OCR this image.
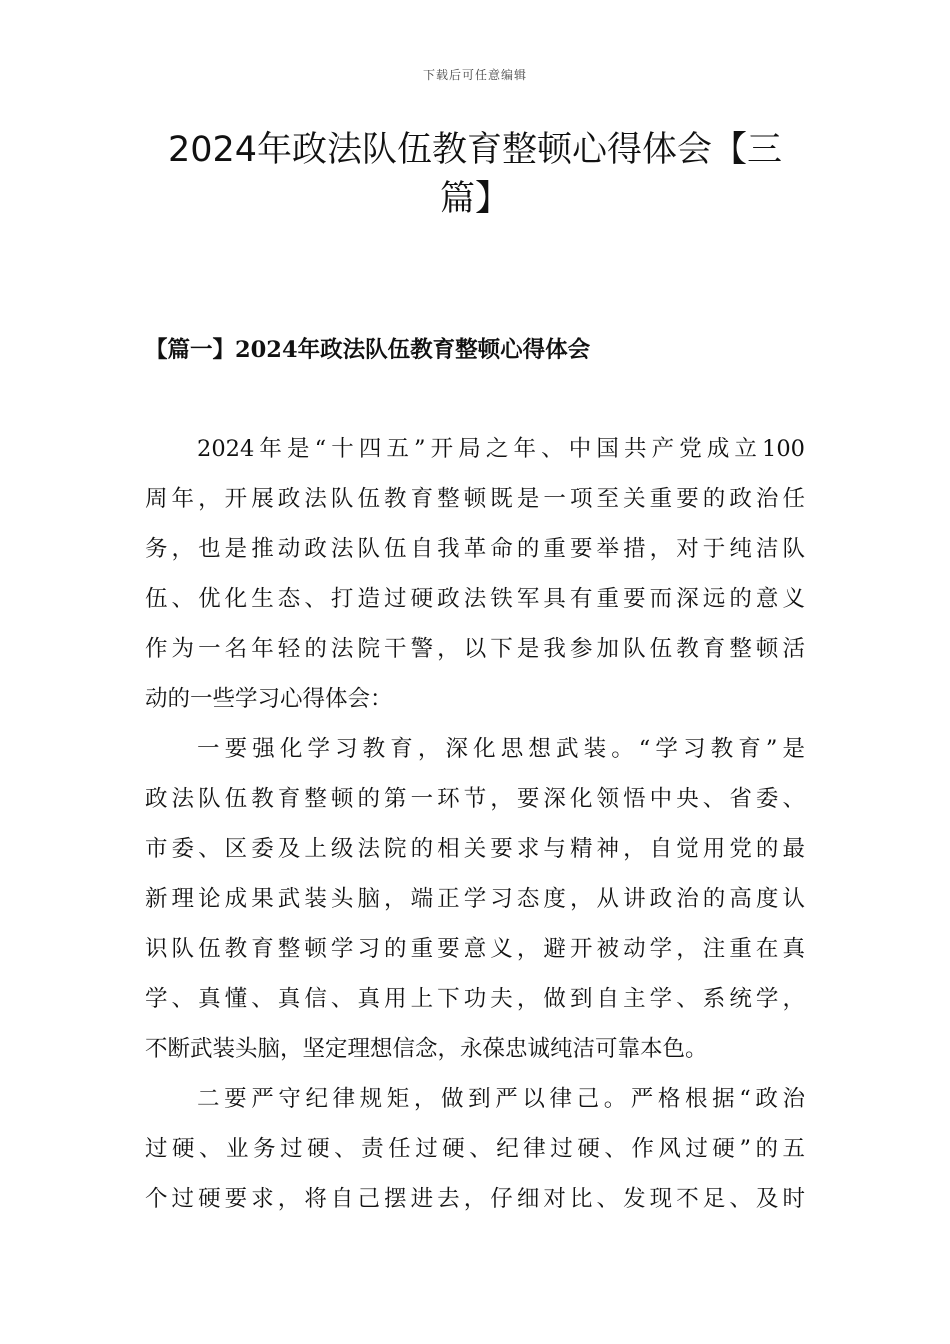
下载后可任意编辑
2024年政法队伍教育整顿心得体会【三篇】
【篇一】2024年政法队伍教育整顿心得体会
2024年是“十四五”开局之年、中国共产党成立100
周年，开展政法队伍教育整顿既是一项至关重要的政治任
务，也是推动政法队伍自我革命的重要举措，对于纯洁队
伍、优化生态、打造过硬政法铁军具有重要而深远的意义
作为一名年轻的法院干警，以下是我参加队伍教育整顿活
动的一些学习心得体会：
一要强化学习教育，深化思想武装。“学习教育”是
政法队伍教育整顿的第一环节，要深化领悟中央、省委、
市委、区委及上级法院的相关要求与精神，自觉用党的最
新理论成果武装头脑，端正学习态度，从讲政治的高度认
识队伍教育整顿学习的重要意义，避开被动学，注重在真
学、真懂、真信、真用上下功夫，做到自主学、系统学，
不断武装头脑，坚定理想信念，永葆忠诚纯洁可靠本色。
二要严守纪律规矩，做到严以律己。严格根据“政治
过硬、业务过硬、责任过硬、纪律过硬、作风过硬”的五
个过硬要求，将自己摆进去，仔细对比、发现不足、及时
